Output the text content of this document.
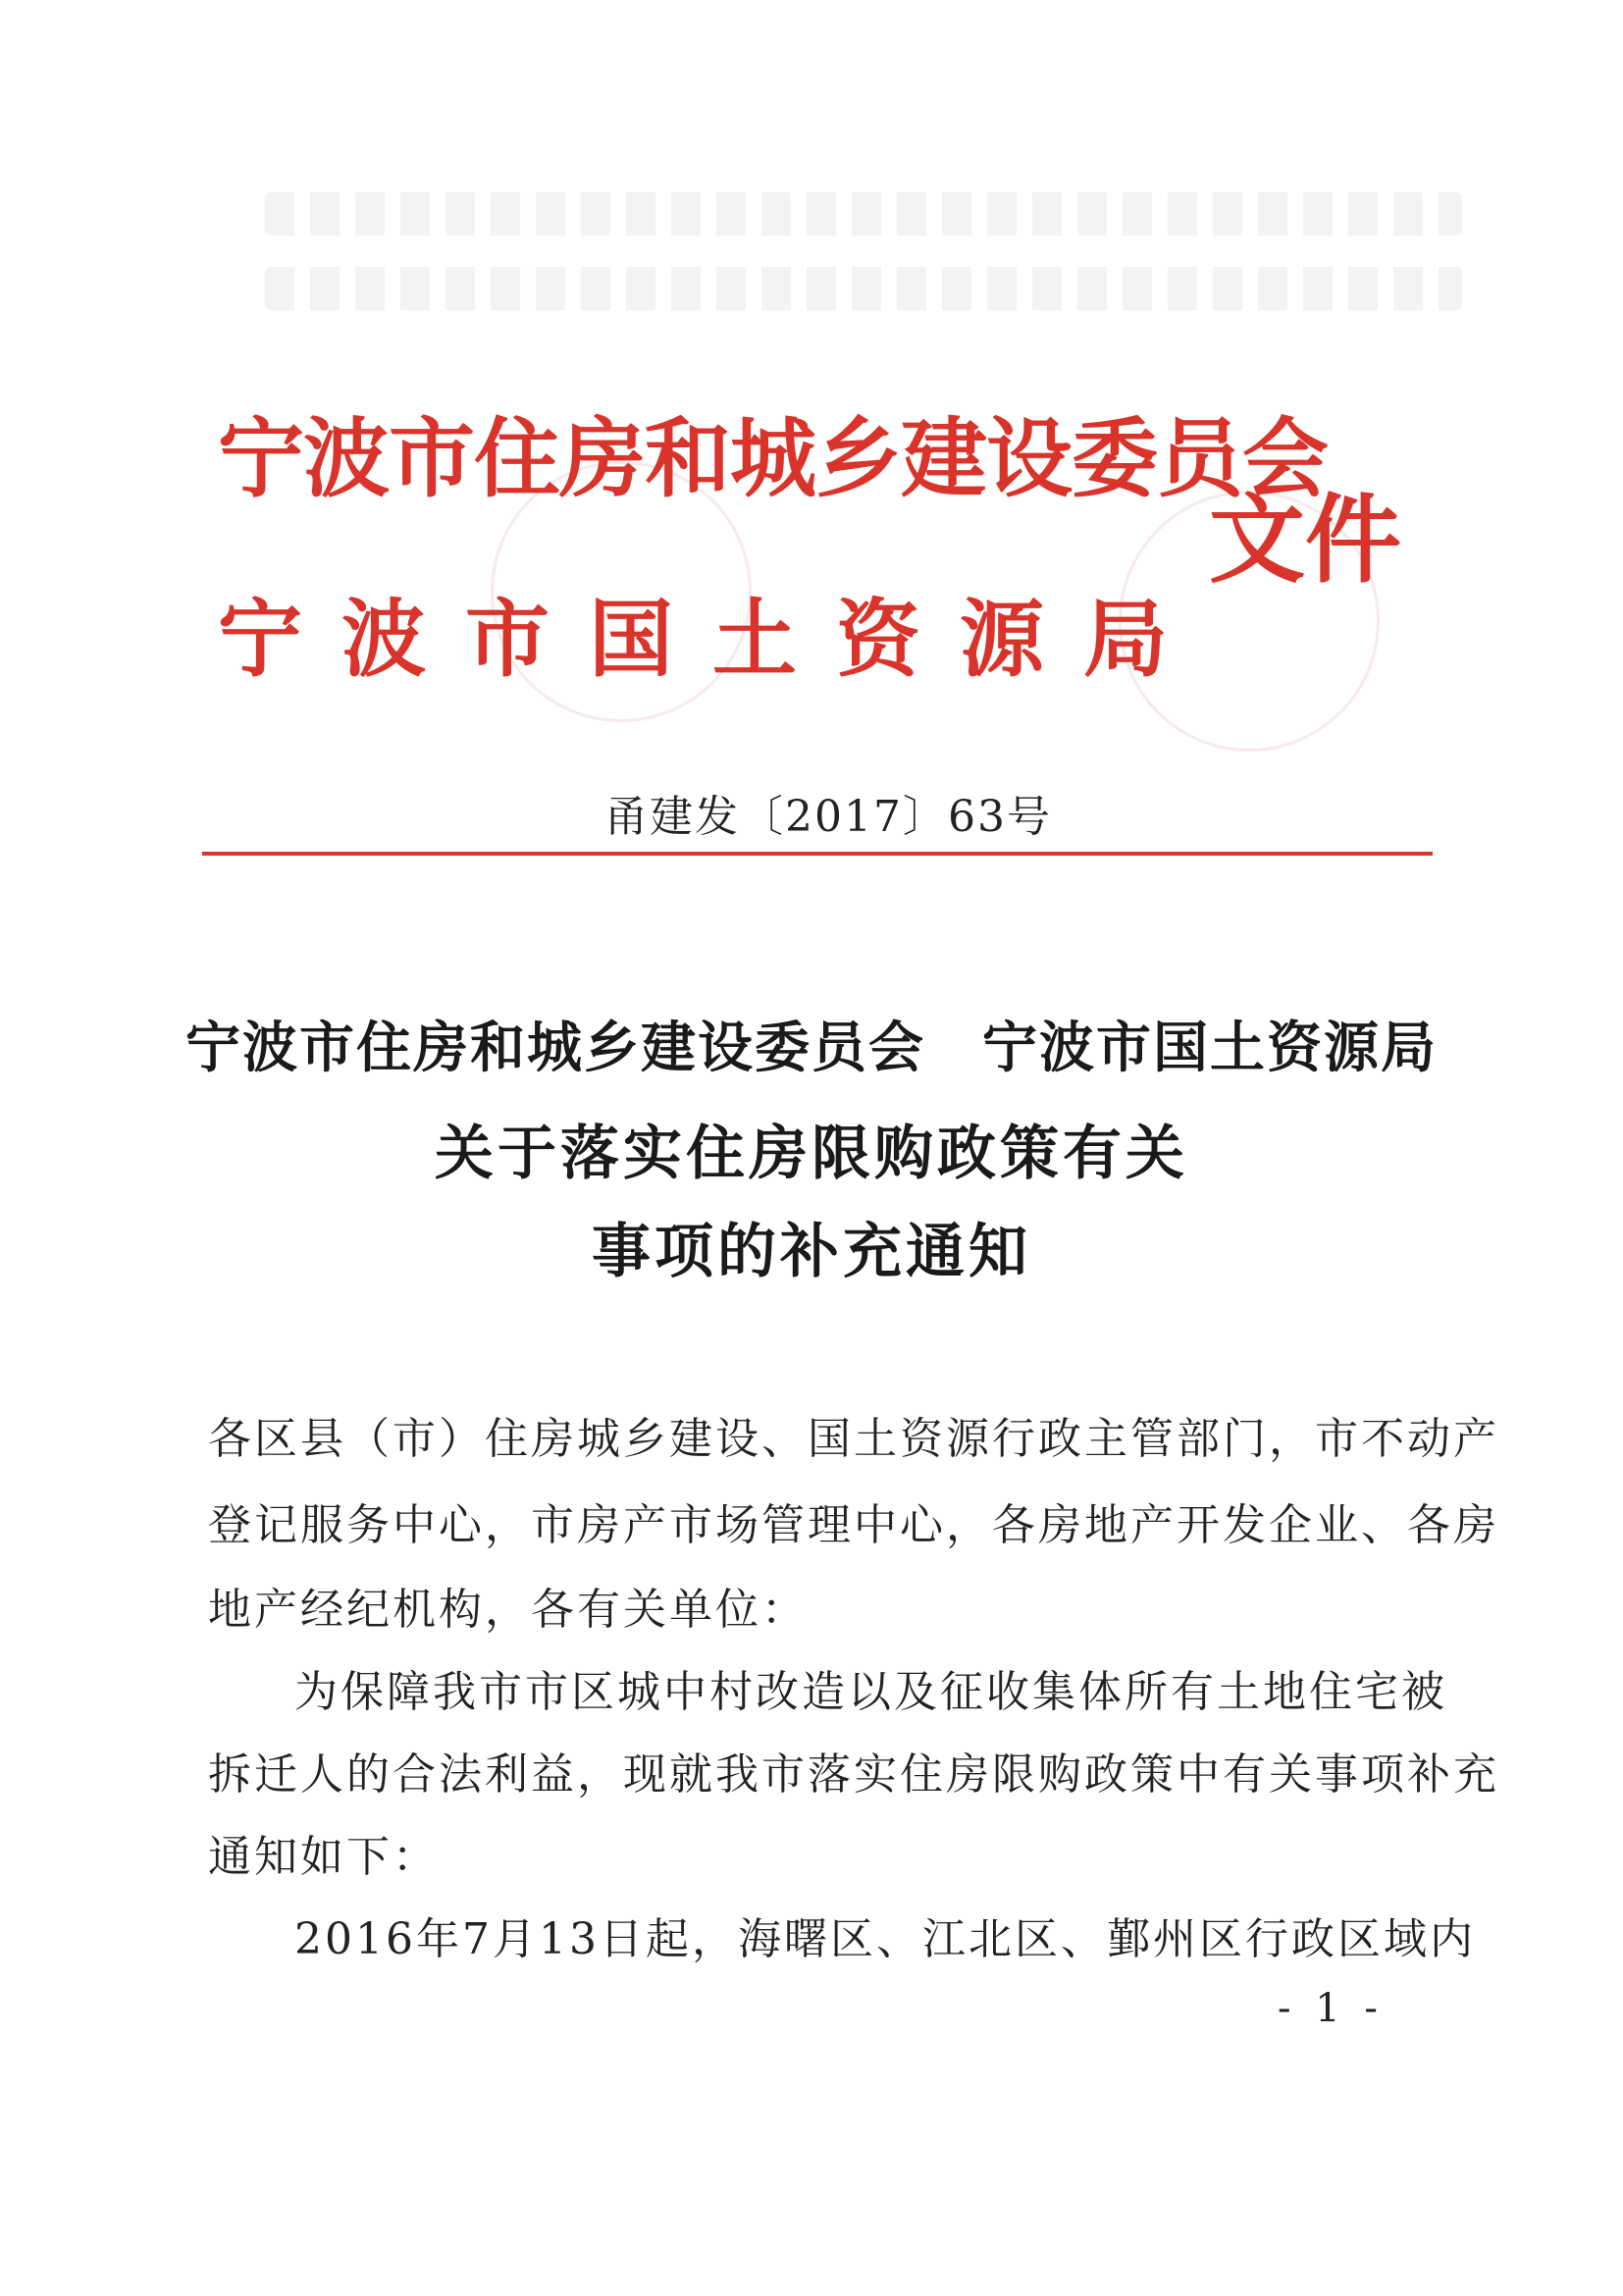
宁波市住房和城乡建设委员会
宁波市国土资源局
文件
甬建发〔2017〕63号
宁波市住房和城乡建设委员会　宁波市国土资源局
关于落实住房限购政策有关
事项的补充通知

各区县（市）住房城乡建设、国土资源行政主管部门，市不动产

登记服务中心，市房产市场管理中心，各房地产开发企业、各房

地产经纪机构，各有关单位：

为保障我市市区城中村改造以及征收集体所有土地住宅被

拆迁人的合法利益，现就我市落实住房限购政策中有关事项补充

通知如下：

2016年7月13日起，海曙区、江北区、鄞州区行政区域内

- 1 -
